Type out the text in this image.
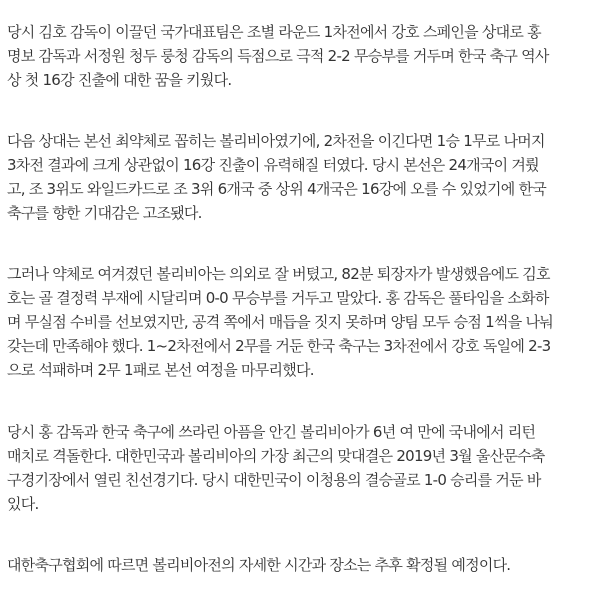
당시 김호 감독이 이끌던 국가대표팀은 조별 라운드 1차전에서 강호 스페인을 상대로 홍
명보 감독과 서정원 청두 룽청 감독의 득점으로 극적 2-2 무승부를 거두며 한국 축구 역사
상 첫 16강 진출에 대한 꿈을 키웠다.
다음 상대는 본선 최약체로 꼽히는 볼리비아였기에, 2차전을 이긴다면 1승 1무로 나머지
3차전 결과에 크게 상관없이 16강 진출이 유력해질 터였다. 당시 본선은 24개국이 겨뤘
고, 조 3위도 와일드카드로 조 3위 6개국 중 상위 4개국은 16강에 오를 수 있었기에 한국
축구를 향한 기대감은 고조됐다.
그러나 약체로 여겨졌던 볼리비아는 의외로 잘 버텼고, 82분 퇴장자가 발생했음에도 김호
호는 골 결정력 부재에 시달리며 0-0 무승부를 거두고 말았다. 홍 감독은 풀타임을 소화하
며 무실점 수비를 선보였지만, 공격 쪽에서 매듭을 짓지 못하며 양팀 모두 승점 1씩을 나눠
갖는데 만족해야 했다. 1~2차전에서 2무를 거둔 한국 축구는 3차전에서 강호 독일에 2-3
으로 석패하며 2무 1패로 본선 여정을 마무리했다.
당시 홍 감독과 한국 축구에 쓰라린 아픔을 안긴 볼리비아가 6년 여 만에 국내에서 리턴
매치로 격돌한다. 대한민국과 볼리비아의 가장 최근의 맞대결은 2019년 3월 울산문수축
구경기장에서 열린 친선경기다. 당시 대한민국이 이청용의 결승골로 1-0 승리를 거둔 바
있다.
대한축구협회에 따르면 볼리비아전의 자세한 시간과 장소는 추후 확정될 예정이다.
